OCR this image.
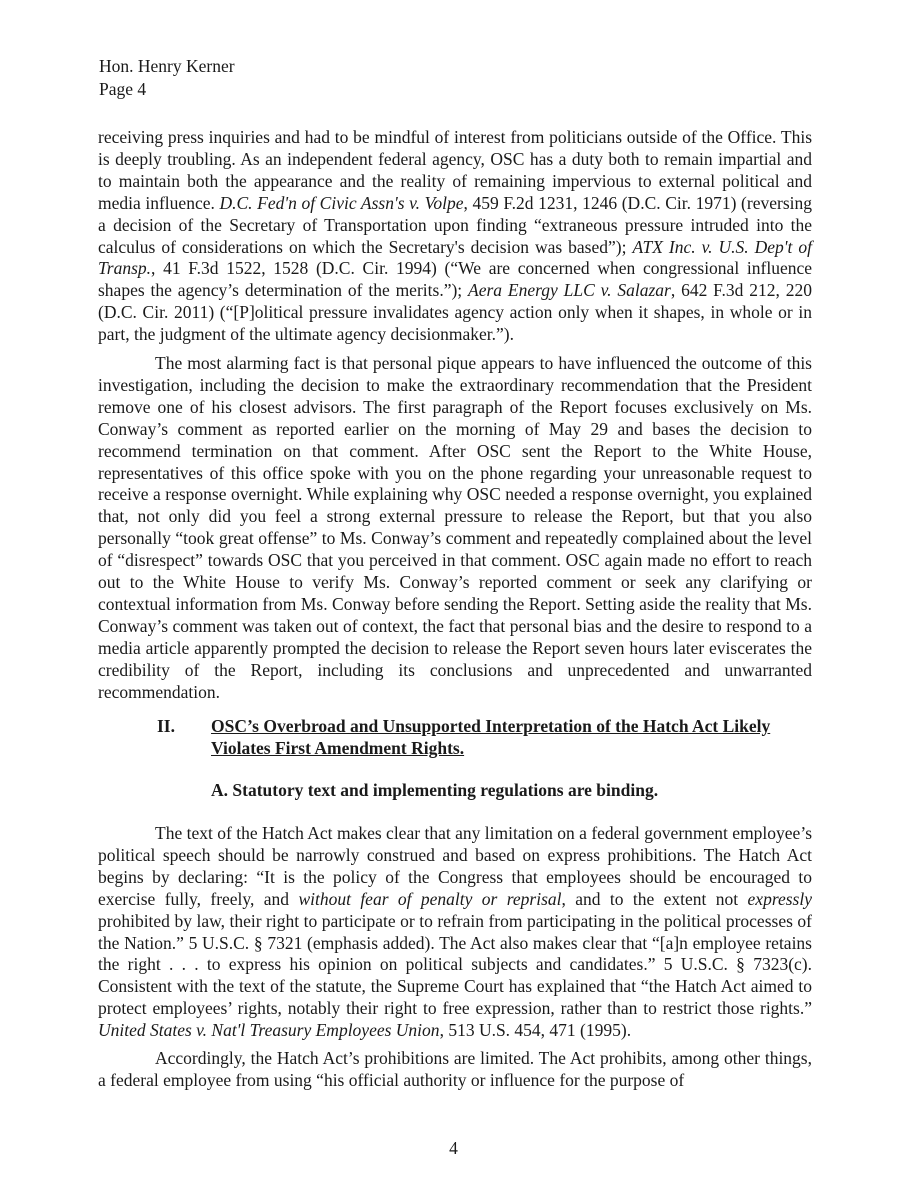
Hon. Henry Kerner
Page 4

receiving press inquiries and had to be mindful of interest from politicians outside of the Office. This is deeply troubling. As an independent federal agency, OSC has a duty both to remain impartial and to maintain both the appearance and the reality of remaining impervious to external political and media influence. D.C. Fed'n of Civic Assn's v. Volpe, 459 F.2d 1231, 1246 (D.C. Cir. 1971) (reversing a decision of the Secretary of Transportation upon finding “extraneous pressure intruded into the calculus of considerations on which the Secretary's decision was based”); ATX Inc. v. U.S. Dep't of Transp., 41 F.3d 1522, 1528 (D.C. Cir. 1994) (“We are concerned when congressional influence shapes the agency’s determination of the merits.”); Aera Energy LLC v. Salazar, 642 F.3d 212, 220 (D.C. Cir. 2011) (“[P]olitical pressure invalidates agency action only when it shapes, in whole or in part, the judgment of the ultimate agency decisionmaker.”).

The most alarming fact is that personal pique appears to have influenced the outcome of this investigation, including the decision to make the extraordinary recommendation that the President remove one of his closest advisors. The first paragraph of the Report focuses exclusively on Ms. Conway’s comment as reported earlier on the morning of May 29 and bases the decision to recommend termination on that comment. After OSC sent the Report to the White House, representatives of this office spoke with you on the phone regarding your unreasonable request to receive a response overnight. While explaining why OSC needed a response overnight, you explained that, not only did you feel a strong external pressure to release the Report, but that you also personally “took great offense” to Ms. Conway’s comment and repeatedly complained about the level of “disrespect” towards OSC that you perceived in that comment. OSC again made no effort to reach out to the White House to verify Ms. Conway’s reported comment or seek any clarifying or contextual information from Ms. Conway before sending the Report. Setting aside the reality that Ms. Conway’s comment was taken out of context, the fact that personal bias and the desire to respond to a media article apparently prompted the decision to release the Report seven hours later eviscerates the credibility of the Report, including its conclusions and unprecedented and unwarranted recommendation.

II. OSC’s Overbroad and Unsupported Interpretation of the Hatch Act Likely Violates First Amendment Rights.
A. Statutory text and implementing regulations are binding.

The text of the Hatch Act makes clear that any limitation on a federal government employee’s political speech should be narrowly construed and based on express prohibitions. The Hatch Act begins by declaring: “It is the policy of the Congress that employees should be encouraged to exercise fully, freely, and without fear of penalty or reprisal, and to the extent not expressly prohibited by law, their right to participate or to refrain from participating in the political processes of the Nation.” 5 U.S.C. § 7321 (emphasis added). The Act also makes clear that “[a]n employee retains the right . . . to express his opinion on political subjects and candidates.” 5 U.S.C. § 7323(c). Consistent with the text of the statute, the Supreme Court has explained that “the Hatch Act aimed to protect employees’ rights, notably their right to free expression, rather than to restrict those rights.” United States v. Nat'l Treasury Employees Union, 513 U.S. 454, 471 (1995).

Accordingly, the Hatch Act’s prohibitions are limited. The Act prohibits, among other things, a federal employee from using “his official authority or influence for the purpose of

4
